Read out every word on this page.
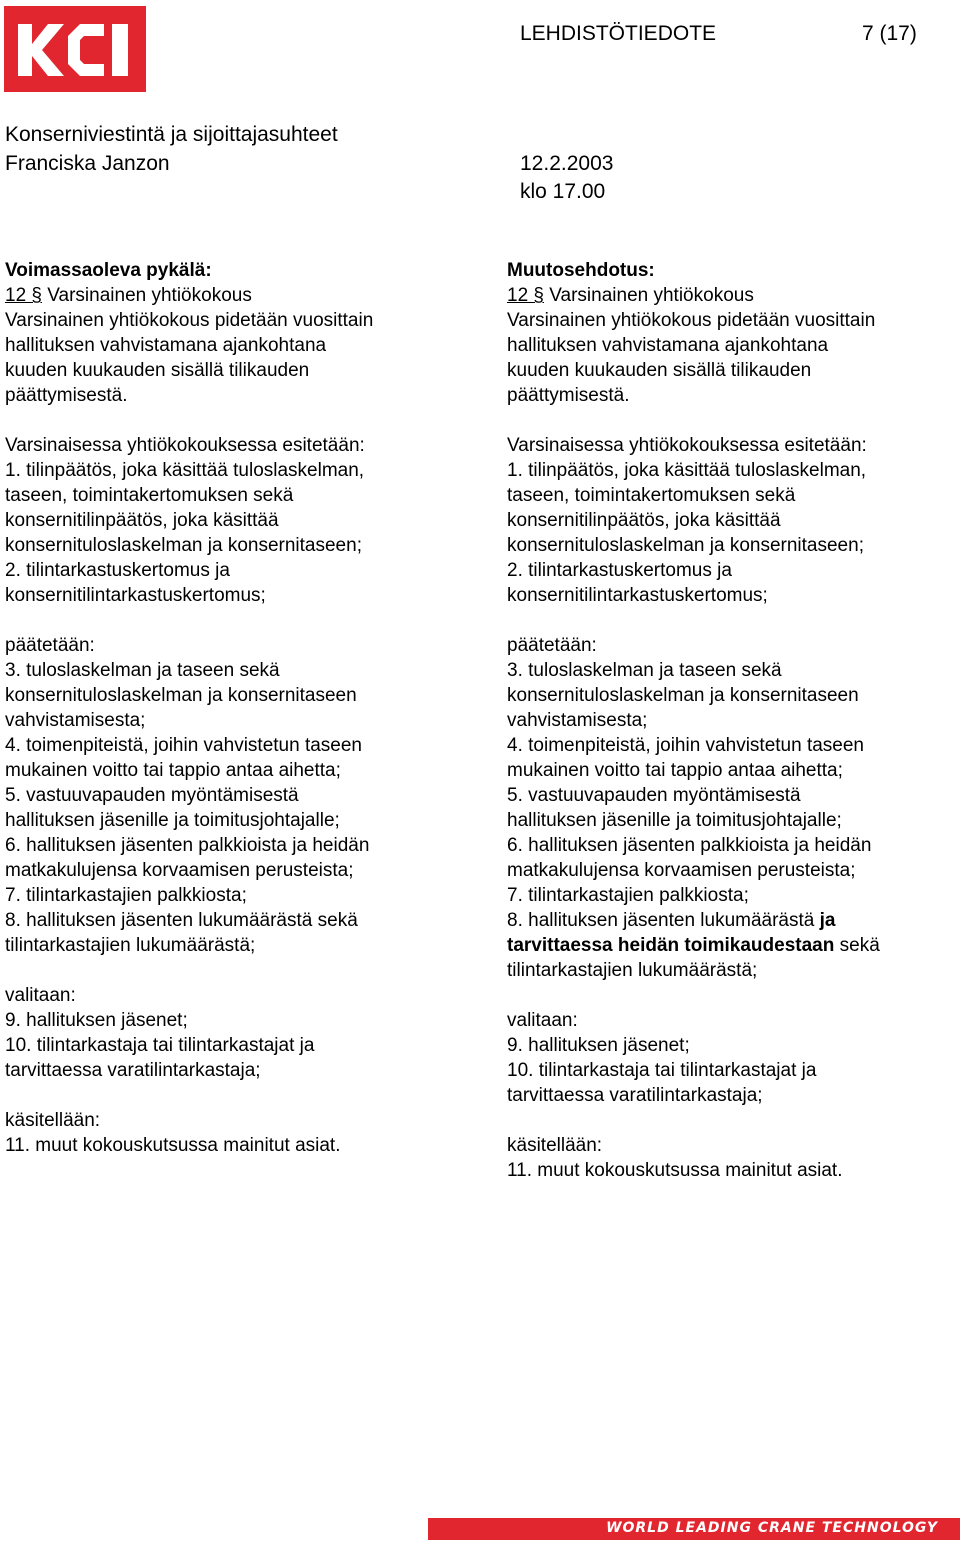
LEHDISTÖTIEDOTE	7 (17)
Konserniviestintä ja sijoittajasuhteet
Franciska Janzon	12.2.2003
klo 17.00
Voimassaoleva pykälä:
12 § Varsinainen yhtiökokous
Varsinainen yhtiökokous pidetään vuosittain
hallituksen vahvistamana ajankohtana
kuuden kuukauden sisällä tilikauden
päättymisestä.
Varsinaisessa yhtiökokouksessa esitetään:
1. tilinpäätös, joka käsittää tuloslaskelman,
taseen, toimintakertomuksen sekä
konsernitilinpäätös, joka käsittää
konsernituloslaskelman ja konsernitaseen;
2. tilintarkastuskertomus ja
konsernitilintarkastuskertomus;
päätetään:
3. tuloslaskelman ja taseen sekä
konsernituloslaskelman ja konsernitaseen
vahvistamisesta;
4. toimenpiteistä, joihin vahvistetun taseen
mukainen voitto tai tappio antaa aihetta;
5. vastuuvapauden myöntämisestä
hallituksen jäsenille ja toimitusjohtajalle;
6. hallituksen jäsenten palkkioista ja heidän
matkakulujensa korvaamisen perusteista;
7. tilintarkastajien palkkiosta;
8. hallituksen jäsenten lukumäärästä sekä
tilintarkastajien lukumäärästä;
valitaan:
9. hallituksen jäsenet;
10. tilintarkastaja tai tilintarkastajat ja
tarvittaessa varatilintarkastaja;
käsitellään:
11. muut kokouskutsussa mainitut asiat.
Muutosehdotus:
12 § Varsinainen yhtiökokous
Varsinainen yhtiökokous pidetään vuosittain
hallituksen vahvistamana ajankohtana
kuuden kuukauden sisällä tilikauden
päättymisestä.
Varsinaisessa yhtiökokouksessa esitetään:
1. tilinpäätös, joka käsittää tuloslaskelman,
taseen, toimintakertomuksen sekä
konsernitilinpäätös, joka käsittää
konsernituloslaskelman ja konsernitaseen;
2. tilintarkastuskertomus ja
konsernitilintarkastuskertomus;
päätetään:
3. tuloslaskelman ja taseen sekä
konsernituloslaskelman ja konsernitaseen
vahvistamisesta;
4. toimenpiteistä, joihin vahvistetun taseen
mukainen voitto tai tappio antaa aihetta;
5. vastuuvapauden myöntämisestä
hallituksen jäsenille ja toimitusjohtajalle;
6. hallituksen jäsenten palkkioista ja heidän
matkakulujensa korvaamisen perusteista;
7. tilintarkastajien palkkiosta;
8. hallituksen jäsenten lukumäärästä ja
tarvittaessa heidän toimikaudestaan sekä
tilintarkastajien lukumäärästä;
valitaan:
9. hallituksen jäsenet;
10. tilintarkastaja tai tilintarkastajat ja
tarvittaessa varatilintarkastaja;
käsitellään:
11. muut kokouskutsussa mainitut asiat.
WORLD LEADING CRANE TECHNOLOGY
